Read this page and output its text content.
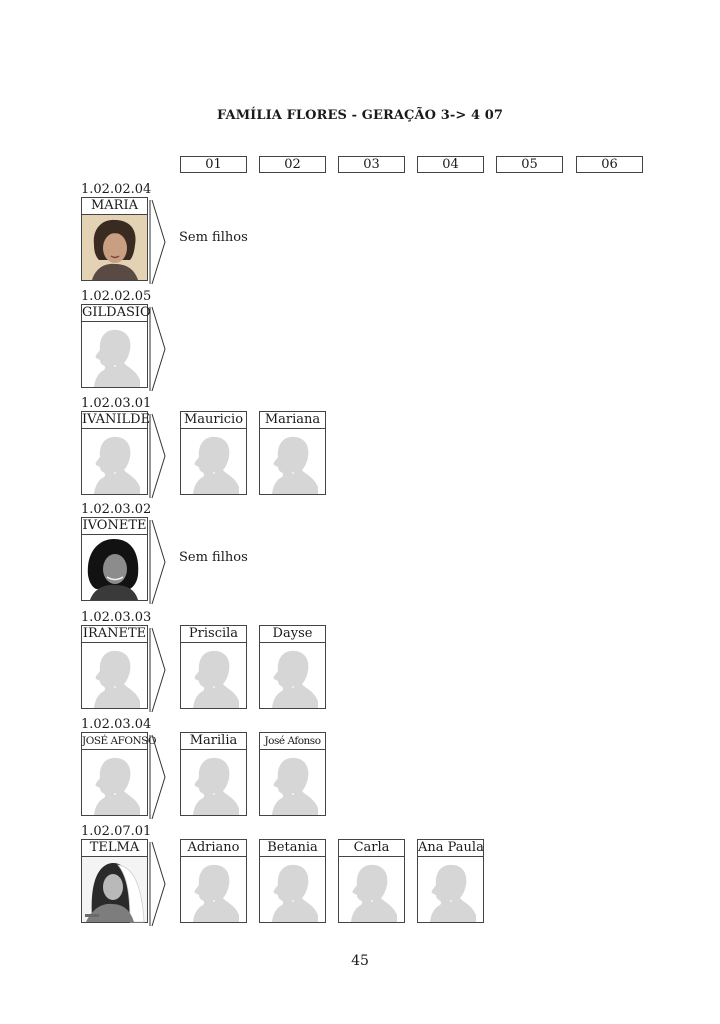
FAMÍLIA FLORES - GERAÇÃO 3-> 4 07
01	02	03	04	05	06
1.02.02.04
MARIA
Sem filhos
1.02.02.05
GILDASIO
1.02.03.01
IVANILDE	Mauricio	Mariana
1.02.03.02
IVONETE
Sem filhos
1.02.03.03
IRANETE	Priscila	Dayse
1.02.03.04
JOSÉ AFONSO	Marilia	José Afonso
1.02.07.01
TELMA	Adriano	Betania	Carla	Ana Paula
45
